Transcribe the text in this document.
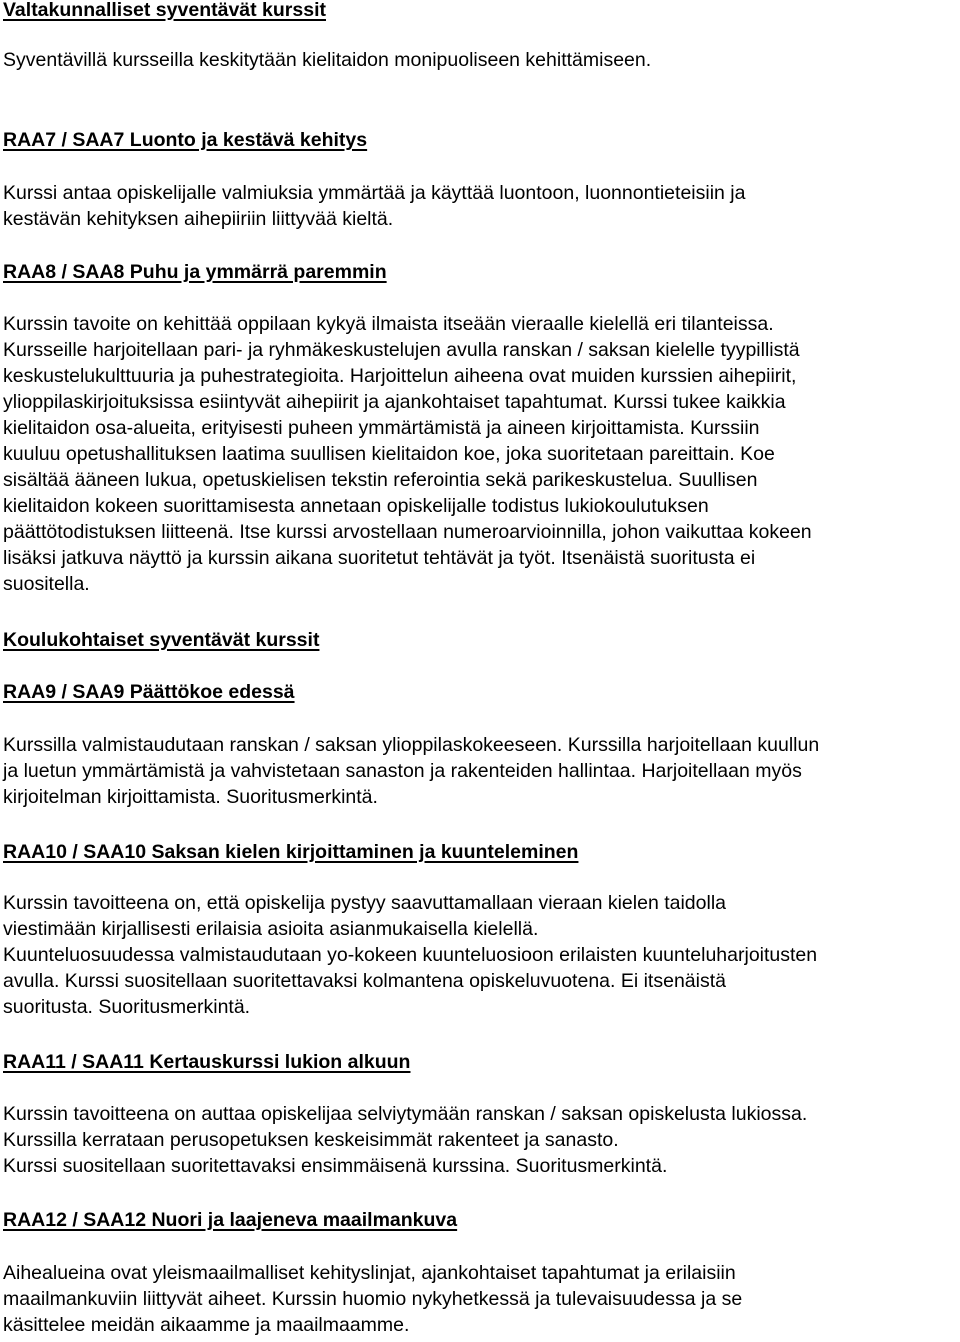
Valtakunnalliset syventävät kurssit
Syventävillä kursseilla keskitytään kielitaidon monipuoliseen kehittämiseen.
RAA7 / SAA7 Luonto ja kestävä kehitys
Kurssi antaa opiskelijalle valmiuksia ymmärtää ja käyttää luontoon, luonnontieteisiin ja
kestävän kehityksen aihepiiriin liittyvää kieltä.
RAA8 / SAA8 Puhu ja ymmärrä paremmin
Kurssin tavoite on kehittää oppilaan kykyä ilmaista itseään vieraalle kielellä eri tilanteissa.
Kursseille harjoitellaan pari- ja ryhmäkeskustelujen avulla ranskan / saksan kielelle tyypillistä
keskustelukulttuuria ja puhestrategioita. Harjoittelun aiheena ovat muiden kurssien aihepiirit,
ylioppilaskirjoituksissa esiintyvät aihepiirit ja ajankohtaiset tapahtumat. Kurssi tukee kaikkia
kielitaidon osa-alueita, erityisesti puheen ymmärtämistä ja aineen kirjoittamista. Kurssiin
kuuluu opetushallituksen laatima suullisen kielitaidon koe, joka suoritetaan pareittain. Koe
sisältää ääneen lukua, opetuskielisen tekstin referointia sekä parikeskustelua. Suullisen
kielitaidon kokeen suorittamisesta annetaan opiskelijalle todistus lukiokoulutuksen
päättötodistuksen liitteenä. Itse kurssi arvostellaan numeroarvioinnilla, johon vaikuttaa kokeen
lisäksi jatkuva näyttö ja kurssin aikana suoritetut tehtävät ja työt. Itsenäistä suoritusta ei
suositella.
Koulukohtaiset syventävät kurssit
RAA9 / SAA9 Päättökoe edessä
Kurssilla valmistaudutaan ranskan / saksan ylioppilaskokeeseen. Kurssilla harjoitellaan kuullun
ja luetun ymmärtämistä ja vahvistetaan sanaston ja rakenteiden hallintaa. Harjoitellaan myös
kirjoitelman kirjoittamista. Suoritusmerkintä.
RAA10 / SAA10 Saksan kielen kirjoittaminen ja kuunteleminen
Kurssin tavoitteena on, että opiskelija pystyy saavuttamallaan vieraan kielen taidolla
viestimään kirjallisesti erilaisia asioita asianmukaisella kielellä.
Kuunteluosuudessa valmistaudutaan yo-kokeen kuunteluosioon erilaisten kuunteluharjoitusten
avulla. Kurssi suositellaan suoritettavaksi kolmantena opiskeluvuotena. Ei itsenäistä
suoritusta. Suoritusmerkintä.
RAA11 / SAA11 Kertauskurssi lukion alkuun
Kurssin tavoitteena on auttaa opiskelijaa selviytymään ranskan / saksan opiskelusta lukiossa.
Kurssilla kerrataan perusopetuksen keskeisimmät rakenteet ja sanasto.
Kurssi suositellaan suoritettavaksi ensimmäisenä kurssina. Suoritusmerkintä.
RAA12 / SAA12 Nuori ja laajeneva maailmankuva
Aihealueina ovat yleismaailmalliset kehityslinjat, ajankohtaiset tapahtumat ja erilaisiin
maailmankuviin liittyvät aiheet. Kurssin huomio nykyhetkessä ja tulevaisuudessa ja se
käsittelee meidän aikaamme ja maailmaamme.
